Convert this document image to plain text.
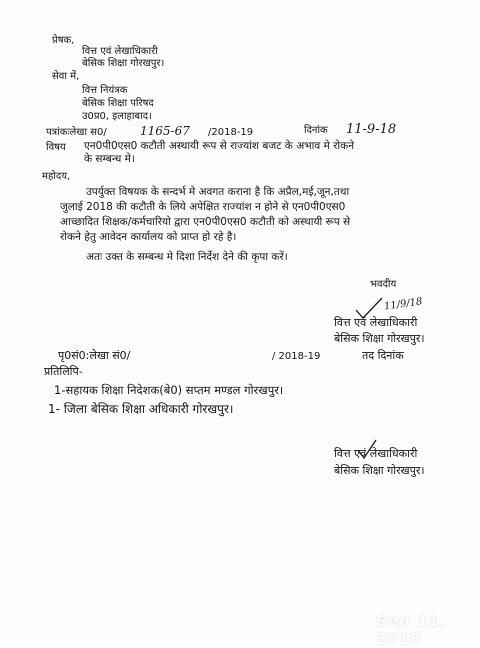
प्रेषक,
वित्त एवं लेखाधिकारी
बेसिक शिक्षा गोरखपुर।
सेवा में,
वित्त नियंत्रक
बेसिक शिक्षा परिषद
उ0प्र0, इलाहाबाद।
पत्रांकःलेखा स0/	1165-67 /2018-19	दिनांक 11-9-18
विषय एन0पी0एस0 कटौती अस्थायी रूप से राज्यांश बजट के अभाव मे रोकने
के सम्बन्ध मे।
महोदय,
उपर्युक्त विषयक के सन्दर्भ मे अवगत कराना है कि अप्रैल,मई,जून,तथा
जुलाई 2018 की कटौती के लिये अपेक्षित राज्यांश न होने से एन0पी0एस0
आच्छादित शिक्षक/कर्मचारियो द्वारा एन0पी0एस0 कटौती को अस्थायी रूप से
रोकने हेतु आवेदन कार्यालय को प्राप्त हो रहे है।
अतः उक्त के सम्बन्ध मे दिशा निर्देश देने की कृपा करें।
भवदीय
11/9/18
वित्त एवं लेखाधिकारी
बेसिक शिक्षा गोरखपुर।
पृ0सं0:लेखा सं0/	/ 2018-19	तद दिनांक
प्रतिलिपि-
1-सहायक शिक्षा निदेशक(बे0) सप्तम मण्डल गोरखपुर।
1- जिला बेसिक शिक्षा अधिकारी गोरखपुर।
वित्त एवं लेखाधिकारी
बेसिक शिक्षा गोरखपुर।
Sep 11, 2018
